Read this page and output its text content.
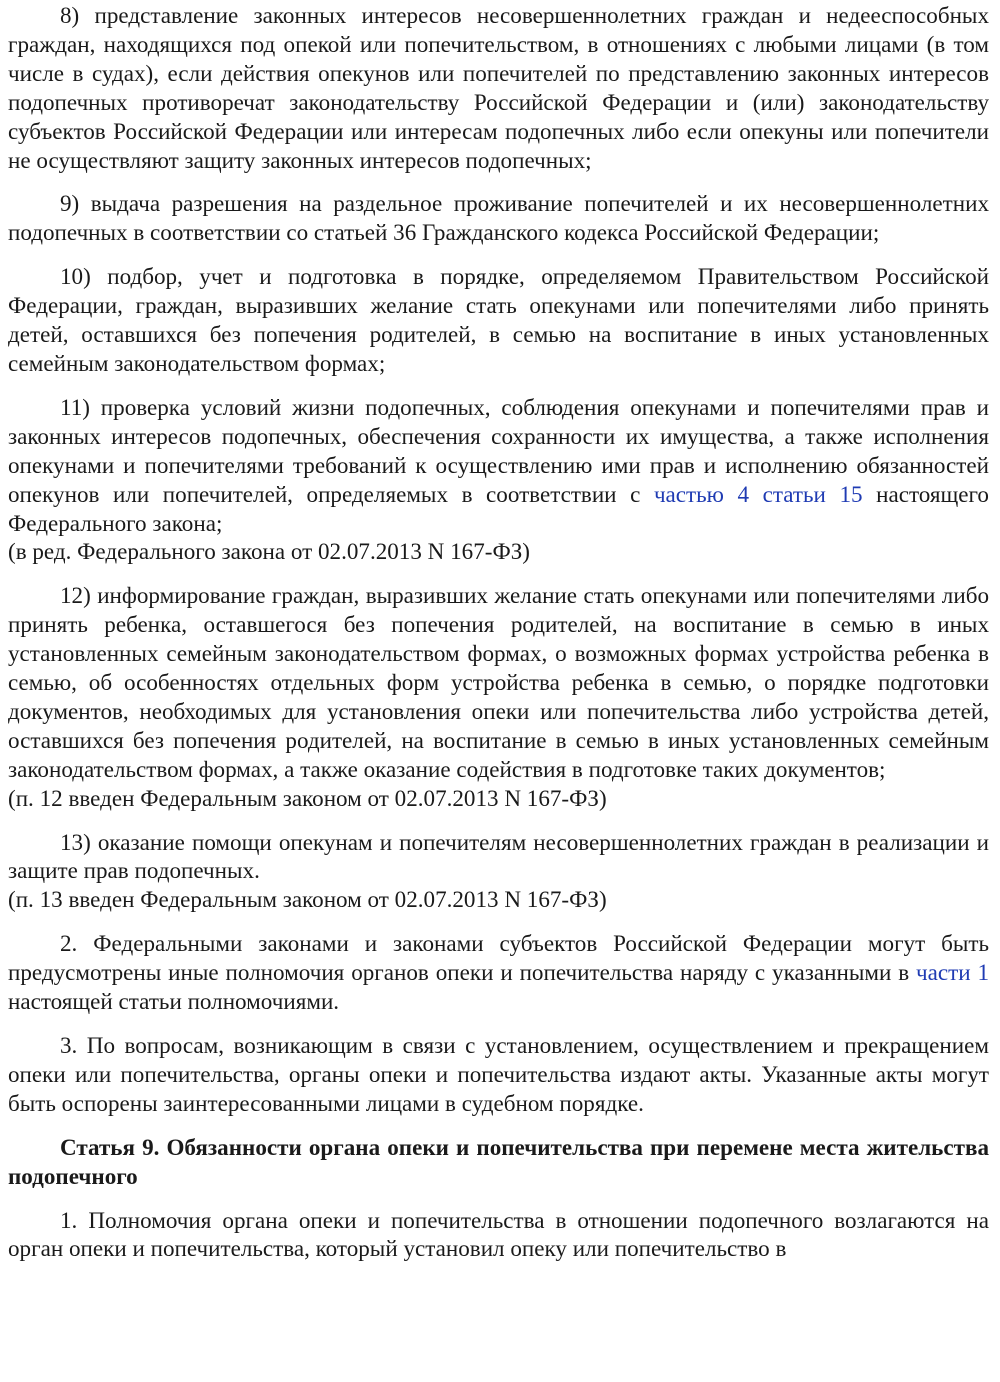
8) представление законных интересов несовершеннолетних граждан и недееспособных граждан, находящихся под опекой или попечительством, в отношениях с любыми лицами (в том числе в судах), если действия опекунов или попечителей по представлению законных интересов подопечных противоречат законодательству Российской Федерации и (или) законодательству субъектов Российской Федерации или интересам подопечных либо если опекуны или попечители не осуществляют защиту законных интересов подопечных;

9) выдача разрешения на раздельное проживание попечителей и их несовершеннолетних подопечных в соответствии со статьей 36 Гражданского кодекса Российской Федерации;

10) подбор, учет и подготовка в порядке, определяемом Правительством Российской Федерации, граждан, выразивших желание стать опекунами или попечителями либо принять детей, оставшихся без попечения родителей, в семью на воспитание в иных установленных семейным законодательством формах;

11) проверка условий жизни подопечных, соблюдения опекунами и попечителями прав и законных интересов подопечных, обеспечения сохранности их имущества, а также исполнения опекунами и попечителями требований к осуществлению ими прав и исполнению обязанностей опекунов или попечителей, определяемых в соответствии с частью 4 статьи 15 настоящего Федерального закона;

(в ред. Федерального закона от 02.07.2013 N 167-ФЗ)

12) информирование граждан, выразивших желание стать опекунами или попечителями либо принять ребенка, оставшегося без попечения родителей, на воспитание в семью в иных установленных семейным законодательством формах, о возможных формах устройства ребенка в семью, об особенностях отдельных форм устройства ребенка в семью, о порядке подготовки документов, необходимых для установления опеки или попечительства либо устройства детей, оставшихся без попечения родителей, на воспитание в семью в иных установленных семейным законодательством формах, а также оказание содействия в подготовке таких документов;

(п. 12 введен Федеральным законом от 02.07.2013 N 167-ФЗ)

13) оказание помощи опекунам и попечителям несовершеннолетних граждан в реализации и защите прав подопечных.

(п. 13 введен Федеральным законом от 02.07.2013 N 167-ФЗ)

2. Федеральными законами и законами субъектов Российской Федерации могут быть предусмотрены иные полномочия органов опеки и попечительства наряду с указанными в части 1 настоящей статьи полномочиями.

3. По вопросам, возникающим в связи с установлением, осуществлением и прекращением опеки или попечительства, органы опеки и попечительства издают акты. Указанные акты могут быть оспорены заинтересованными лицами в судебном порядке.

Статья 9. Обязанности органа опеки и попечительства при перемене места жительства подопечного

1. Полномочия органа опеки и попечительства в отношении подопечного возлагаются на орган опеки и попечительства, который установил опеку или попечительство в
